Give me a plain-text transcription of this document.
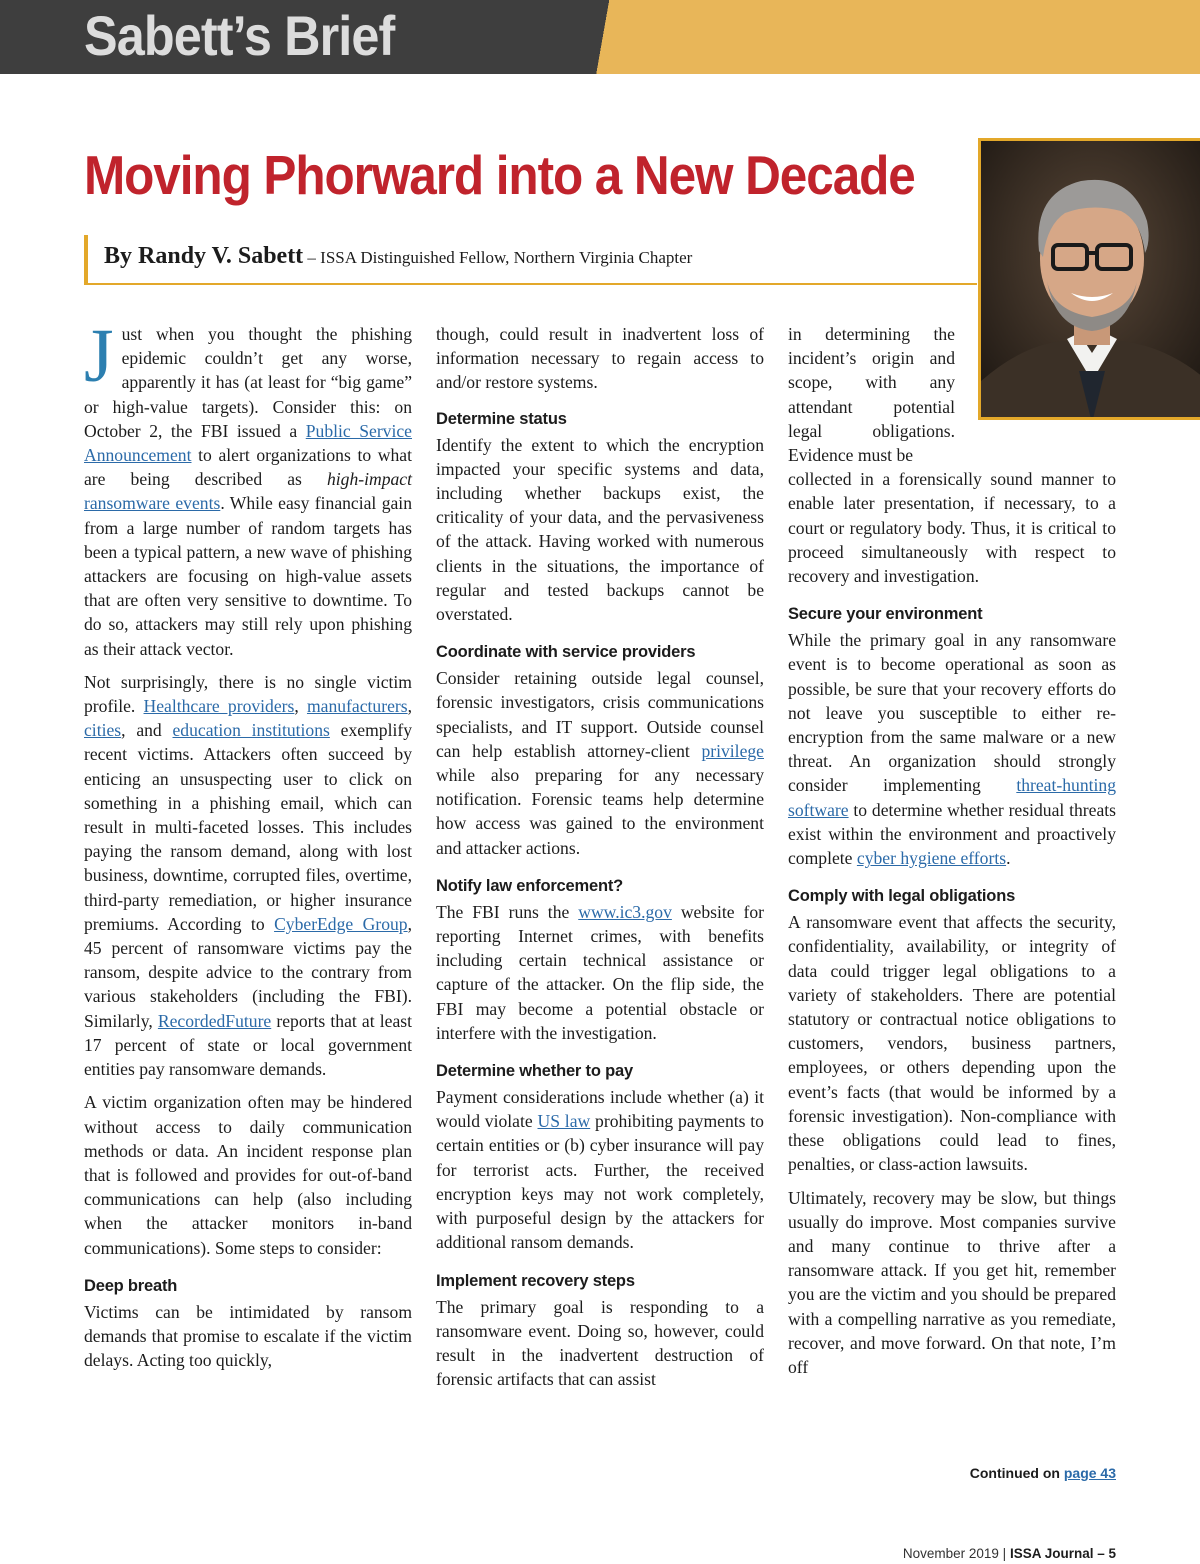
Sabett’s Brief
Moving Phorward into a New Decade
By Randy V. Sabett – ISSA Distinguished Fellow, Northern Virginia Chapter

Just when you thought the phishing epidemic couldn’t get any worse, apparently it has (at least for “big game” or high-value targets). Consider this: on October 2, the FBI issued a Public Service Announcement to alert organizations to what are being described as high-impact ransomware events. While easy financial gain from a large number of random targets has been a typical pattern, a new wave of phishing attackers are focusing on high-value assets that are often very sensitive to downtime. To do so, attackers may still rely upon phishing as their attack vector.

Not surprisingly, there is no single victim profile. Healthcare providers, manufacturers, cities, and education institutions exemplify recent victims. Attackers often succeed by enticing an unsuspecting user to click on something in a phishing email, which can result in multi-faceted losses. This includes paying the ransom demand, along with lost business, downtime, corrupted files, overtime, third-party remediation, or higher insurance premiums. According to CyberEdge Group, 45 percent of ransomware victims pay the ransom, despite advice to the contrary from various stakeholders (including the FBI). Similarly, RecordedFuture reports that at least 17 percent of state or local government entities pay ransomware demands.

A victim organization often may be hindered without access to daily communication methods or data. An incident response plan that is followed and provides for out-of-band communications can help (also including when the attacker monitors in-band communications). Some steps to consider:

Deep breath

Victims can be intimidated by ransom demands that promise to escalate if the victim delays. Acting too quickly,

though, could result in inadvertent loss of information necessary to regain access to and/or restore systems.

Determine status

Identify the extent to which the encryption impacted your specific systems and data, including whether backups exist, the criticality of your data, and the pervasiveness of the attack. Having worked with numerous clients in the situations, the importance of regular and tested backups cannot be overstated.

Coordinate with service providers

Consider retaining outside legal counsel, forensic investigators, crisis communications specialists, and IT support. Outside counsel can help establish attorney-client privilege while also preparing for any necessary notification. Forensic teams help determine how access was gained to the environment and attacker actions.

Notify law enforcement?

The FBI runs the www.ic3.gov website for reporting Internet crimes, with benefits including certain technical assistance or capture of the attacker. On the flip side, the FBI may become a potential obstacle or interfere with the investigation.

Determine whether to pay

Payment considerations include whether (a) it would violate US law prohibiting payments to certain entities or (b) cyber insurance will pay for terrorist acts. Further, the received encryption keys may not work completely, with purposeful design by the attackers for additional ransom demands.

Implement recovery steps

The primary goal is responding to a ransomware event. Doing so, however, could result in the inadvertent destruction of forensic artifacts that can assist

in determining the incident’s origin and scope, with any attendant potential legal obligations. Evidence must be

collected in a forensically sound manner to enable later presentation, if necessary, to a court or regulatory body. Thus, it is critical to proceed simultaneously with respect to recovery and investigation.

Secure your environment

While the primary goal in any ransomware event is to become operational as soon as possible, be sure that your recovery efforts do not leave you susceptible to either re-encryption from the same malware or a new threat. An organization should strongly consider implementing threat-hunting software to determine whether residual threats exist within the environment and proactively complete cyber hygiene efforts.

Comply with legal obligations

A ransomware event that affects the security, confidentiality, availability, or integrity of data could trigger legal obligations to a variety of stakeholders. There are potential statutory or contractual notice obligations to customers, vendors, business partners, employees, or others depending upon the event’s facts (that would be informed by a forensic investigation). Non-compliance with these obligations could lead to fines, penalties, or class-action lawsuits.

Ultimately, recovery may be slow, but things usually do improve. Most companies survive and many continue to thrive after a ransomware attack. If you get hit, remember you are the victim and you should be prepared with a compelling narrative as you remediate, recover, and move forward. On that note, I’m off

Continued on page 43
November 2019 | ISSA Journal – 5
